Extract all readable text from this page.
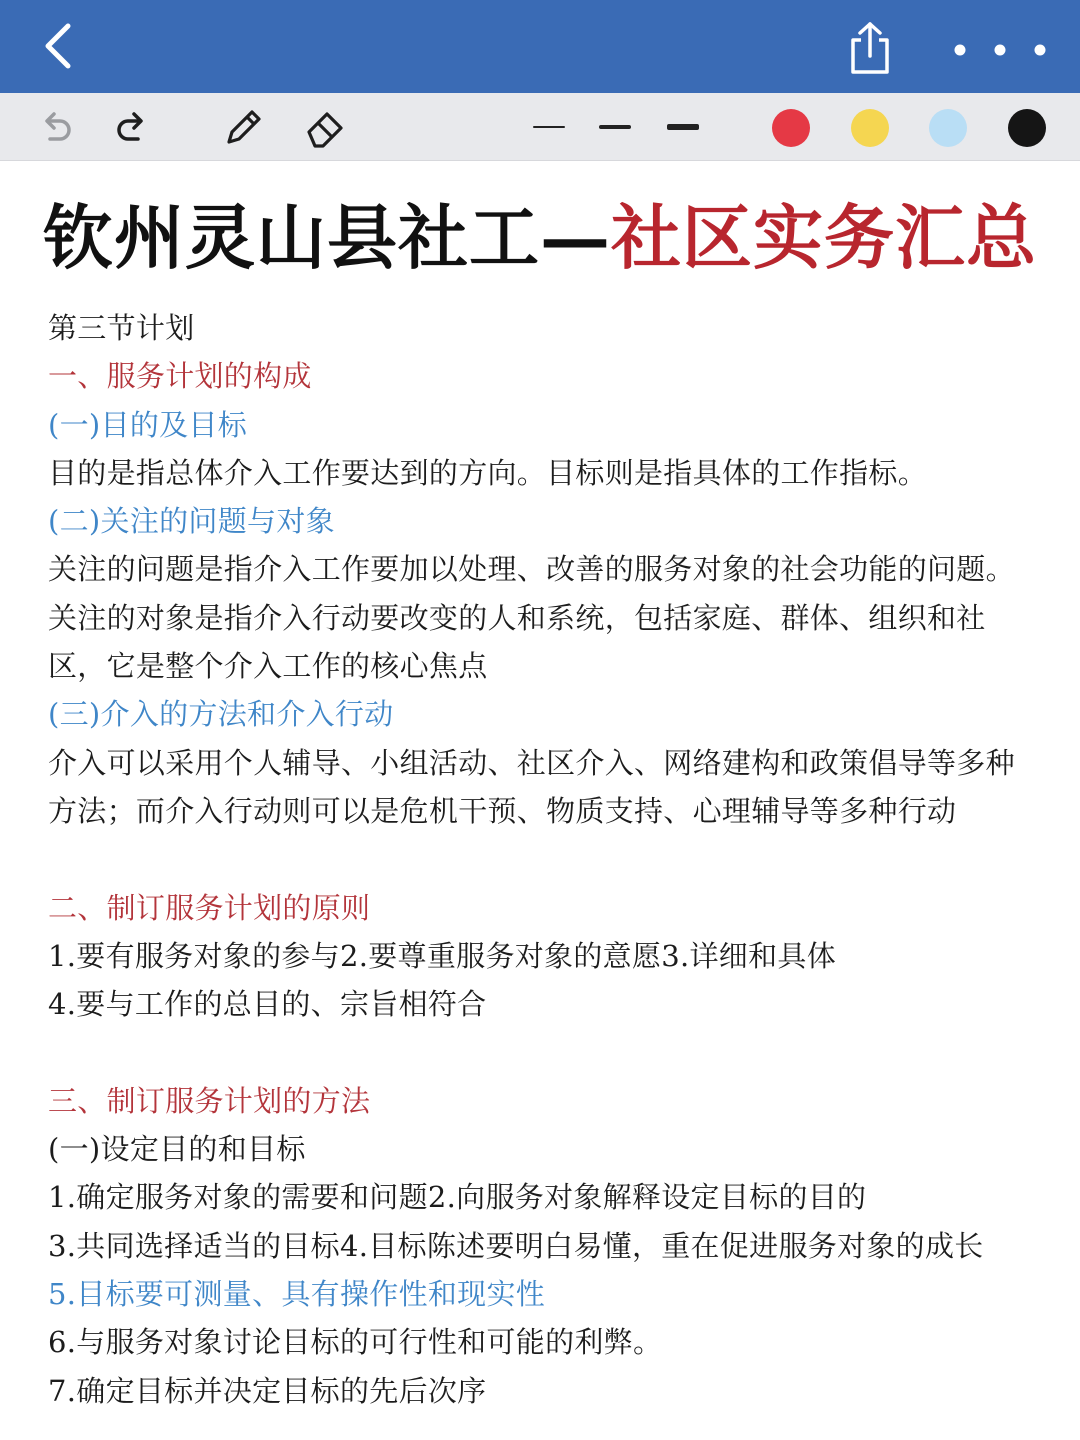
钦州灵山县社工—社区实务汇总
第三节计划
一、服务计划的构成
(一)目的及目标
目的是指总体介入工作要达到的方向。目标则是指具体的工作指标。
(二)关注的问题与对象
关注的问题是指介入工作要加以处理、改善的服务对象的社会功能的问题。
关注的对象是指介入行动要改变的人和系统，包括家庭、群体、组织和社
区，它是整个介入工作的核心焦点
(三)介入的方法和介入行动
介入可以采用个人辅导、小组活动、社区介入、网络建构和政策倡导等多种
方法；而介入行动则可以是危机干预、物质支持、心理辅导等多种行动
二、制订服务计划的原则
1.要有服务对象的参与2.要尊重服务对象的意愿3.详细和具体
4.要与工作的总目的、宗旨相符合
三、制订服务计划的方法
(一)设定目的和目标
1.确定服务对象的需要和问题2.向服务对象解释设定目标的目的
3.共同选择适当的目标4.目标陈述要明白易懂，重在促进服务对象的成长
5.目标要可测量、具有操作性和现实性
6.与服务对象讨论目标的可行性和可能的利弊。
7.确定目标并决定目标的先后次序
